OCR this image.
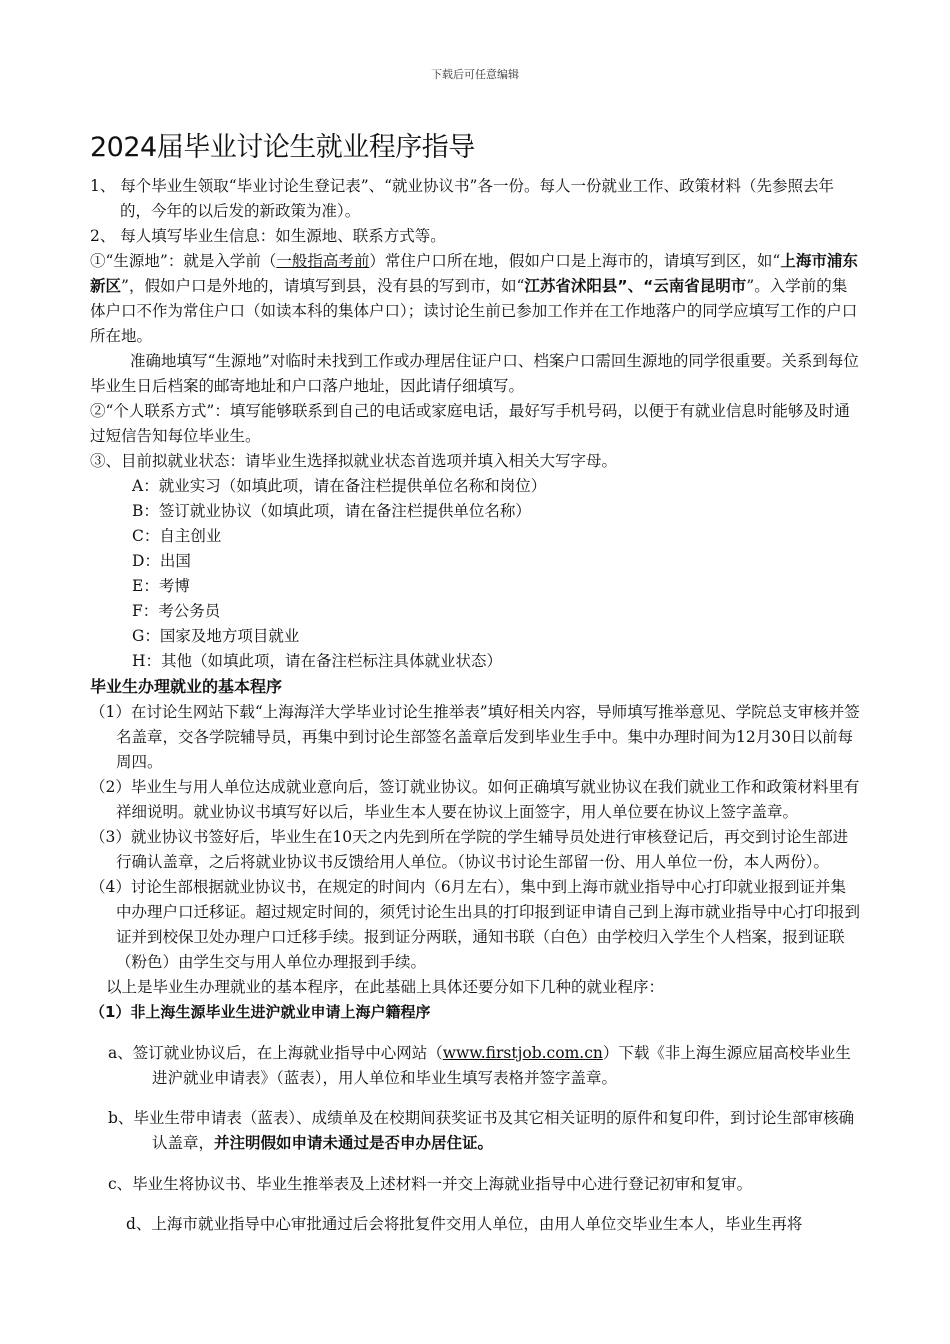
下载后可任意编辑
2024届毕业讨论生就业程序指导

1、 每个毕业生领取“毕业讨论生登记表”、“就业协议书”各一份。每人一份就业工作、政策材料（先参照去年的，今年的以后发的新政策为准）。

2、 每人填写毕业生信息：如生源地、联系方式等。

①“生源地”：就是入学前（一般指高考前）常住户口所在地，假如户口是上海市的，请填写到区，如“上海市浦东新区”，假如户口是外地的，请填写到县，没有县的写到市，如“江苏省沭阳县”、“云南省昆明市”。入学前的集体户口不作为常住户口（如读本科的集体户口）；读讨论生前已参加工作并在工作地落户的同学应填写工作的户口所在地。

准确地填写“生源地”对临时未找到工作或办理居住证户口、档案户口需回生源地的同学很重要。关系到每位毕业生日后档案的邮寄地址和户口落户地址，因此请仔细填写。

②“个人联系方式”：填写能够联系到自己的电话或家庭电话，最好写手机号码，以便于有就业信息时能够及时通过短信告知每位毕业生。

③、目前拟就业状态：请毕业生选择拟就业状态首选项并填入相关大写字母。

A：就业实习（如填此项，请在备注栏提供单位名称和岗位）
B：签订就业协议（如填此项，请在备注栏提供单位名称）
C：自主创业
D：出国
E：考博
F：考公务员
G：国家及地方项目就业
H：其他（如填此项，请在备注栏标注具体就业状态）
毕业生办理就业的基本程序

（1）在讨论生网站下载“上海海洋大学毕业讨论生推举表”填好相关内容，导师填写推举意见、学院总支审核并签名盖章，交各学院辅导员，再集中到讨论生部签名盖章后发到毕业生手中。集中办理时间为12月30日以前每周四。

（2）毕业生与用人单位达成就业意向后，签订就业协议。如何正确填写就业协议在我们就业工作和政策材料里有祥细说明。就业协议书填写好以后，毕业生本人要在协议上面签字，用人单位要在协议上签字盖章。

（3）就业协议书签好后，毕业生在10天之内先到所在学院的学生辅导员处进行审核登记后，再交到讨论生部进行确认盖章，之后将就业协议书反馈给用人单位。（协议书讨论生部留一份、用人单位一份，本人两份）。

（4）讨论生部根据就业协议书，在规定的时间内（6月左右），集中到上海市就业指导中心打印就业报到证并集中办理户口迁移证。超过规定时间的，须凭讨论生出具的打印报到证申请自己到上海市就业指导中心打印报到证并到校保卫处办理户口迁移手续。报到证分两联，通知书联（白色）由学校归入学生个人档案，报到证联（粉色）由学生交与用人单位办理报到手续。

以上是毕业生办理就业的基本程序，在此基础上具体还要分如下几种的就业程序：

（1）非上海生源毕业生进沪就业申请上海户籍程序

a、签订就业协议后，在上海就业指导中心网站（www.firstjob.com.cn）下载《非上海生源应届高校毕业生进沪就业申请表》（蓝表），用人单位和毕业生填写表格并签字盖章。

b、毕业生带申请表（蓝表）、成绩单及在校期间获奖证书及其它相关证明的原件和复印件，到讨论生部审核确认盖章，并注明假如申请未通过是否申办居住证。

c、毕业生将协议书、毕业生推举表及上述材料一并交上海就业指导中心进行登记初审和复审。

d、上海市就业指导中心审批通过后会将批复件交用人单位，由用人单位交毕业生本人，毕业生再将
